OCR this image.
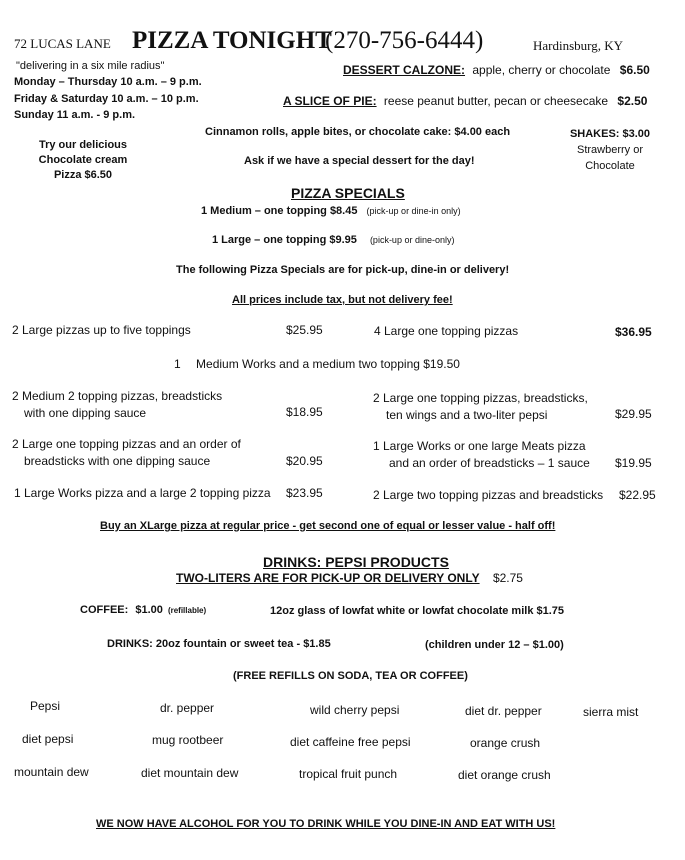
72 LUCAS LANE PIZZA TONIGHT
(270-756-6444)	Hardinsburg, KY
"delivering in a six mile radius"
Monday – Thursday 10 a.m. – 9 p.m.
Friday & Saturday 10 a.m. – 10 p.m.
Sunday 11 a.m. - 9 p.m.
DESSERT CALZONE: apple, cherry or chocolate $6.50
A SLICE OF PIE: reese peanut butter, pecan or cheesecake $2.50
Cinnamon rolls, apple bites, or chocolate cake: $4.00 each
Ask if we have a special dessert for the day!
Try our delicious
Chocolate cream
Pizza $6.50
SHAKES: $3.00
Strawberry or
Chocolate
PIZZA SPECIALS
1 Medium – one topping $8.45 (pick-up or dine-in only)
1 Large – one topping $9.95 (pick-up or dine-only)
The following Pizza Specials are for pick-up, dine-in or delivery!
All prices include tax, but not delivery fee!
2 Large pizzas up to five toppings	$25.95	4 Large one topping pizzas	$36.95
1 Medium Works and a medium two topping $19.50
2 Medium 2 topping pizzas, breadsticks
with one dipping sauce	$18.95
2 Large one topping pizzas, breadsticks,
ten wings and a two-liter pepsi	$29.95
2 Large one topping pizzas and an order of
breadsticks with one dipping sauce	$20.95
1 Large Works or one large Meats pizza
and an order of breadsticks – 1 sauce $19.95
1 Large Works pizza and a large 2 topping pizza $23.95	2 Large two topping pizzas and breadsticks $22.95
Buy an XLarge pizza at regular price - get second one of equal or lesser value - half off!
DRINKS: PEPSI PRODUCTS
TWO-LITERS ARE FOR PICK-UP OR DELIVERY ONLY $2.75
COFFEE: $1.00 (refillable)	12oz glass of lowfat white or lowfat chocolate milk $1.75
DRINKS: 20oz fountain or sweet tea - $1.85	(children under 12 – $1.00)
(FREE REFILLS ON SODA, TEA OR COFFEE)
Pepsi	dr. pepper	wild cherry pepsi	diet dr. pepper	sierra mist
diet pepsi	mug rootbeer	diet caffeine free pepsi	orange crush
mountain dew	diet mountain dew	tropical fruit punch	diet orange crush
WE NOW HAVE ALCOHOL FOR YOU TO DRINK WHILE YOU DINE-IN AND EAT WITH US!
